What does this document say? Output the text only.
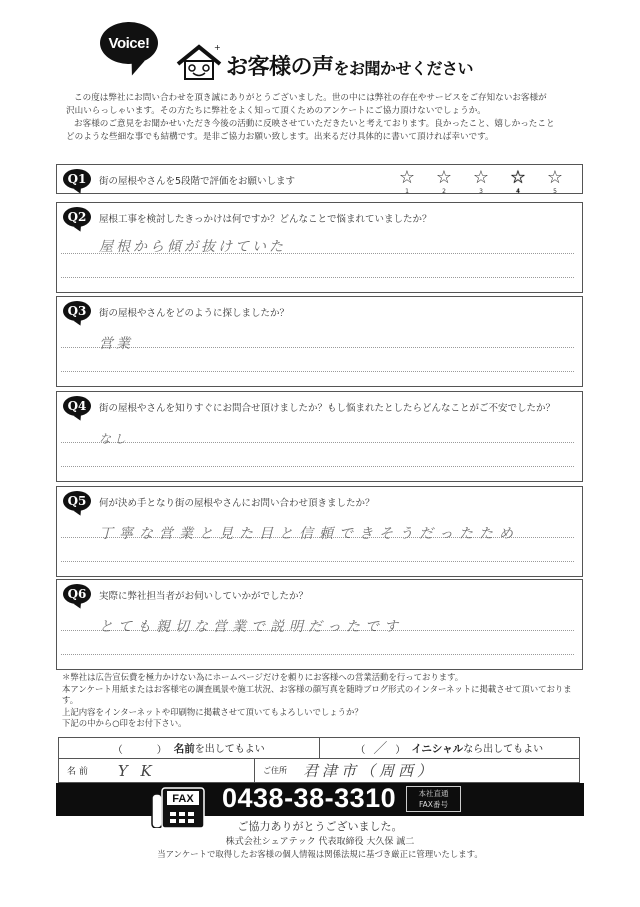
Voice!	+
お客様の声をお聞かせください

この度は弊社にお問い合わせを頂き誠にありがとうございました。世の中には弊社の存在やサービスをご存知ないお客様が

沢山いらっしゃいます。その方たちに弊社をよく知って頂くためのアンケートにご協力頂けないでしょうか。

お客様のご意見をお聞かせいただき今後の活動に反映させていただきたいと考えております。良かったこと、嬉しかったこと

どのような些細な事でも結構です。是非ご協力お願い致します。出来るだけ具体的に書いて頂ければ幸いです。

Q1	街の屋根やさんを5段階で評価をお願いします	☆
1
☆
2
☆
3
☆
4
☆
5
Q2	屋根工事を検討したきっかけは何ですか？どんなことで悩まれていましたか？
屋根から傾が抜けていた
Q3	街の屋根やさんをどのように探しましたか？
営業
Q4	街の屋根やさんを知りすぐにお問合せ頂けましたか？もし悩まれたとしたらどんなことがご不安でしたか？
なし
Q5	何が決め手となり街の屋根やさんにお問い合わせ頂きましたか？
丁寧な営業と見た目と信頼できそうだったため
Q6	実際に弊社担当者がお伺いしていかがでしたか？
とても親切な営業で説明だったです

＊弊社は広告宣伝費を極力かけない為にホームページだけを頼りにお客様への営業活動を行っております。

本アンケート用紙またはお客様宅の調査風景や施工状況、お客様の顔写真を随時ブログ形式のインターネットに掲載させて頂いておりま

す。

上記内容をインターネットや印刷物に掲載させて頂いてもよろしいでしょうか？

下記の中から○印をお付下さい。

（　　　） 名前を出してもよい	（ ／ ） イニシャルなら出してもよい
名 前 Y K	ご住所 君津市（周西）
FAX 0438-38-3310	本社直通
FAX番号
ご協力ありがとうございました。
株式会社シェアテック 代表取締役 大久保 誠二
当アンケートで取得したお客様の個人情報は関係法規に基づき厳正に管理いたします。
